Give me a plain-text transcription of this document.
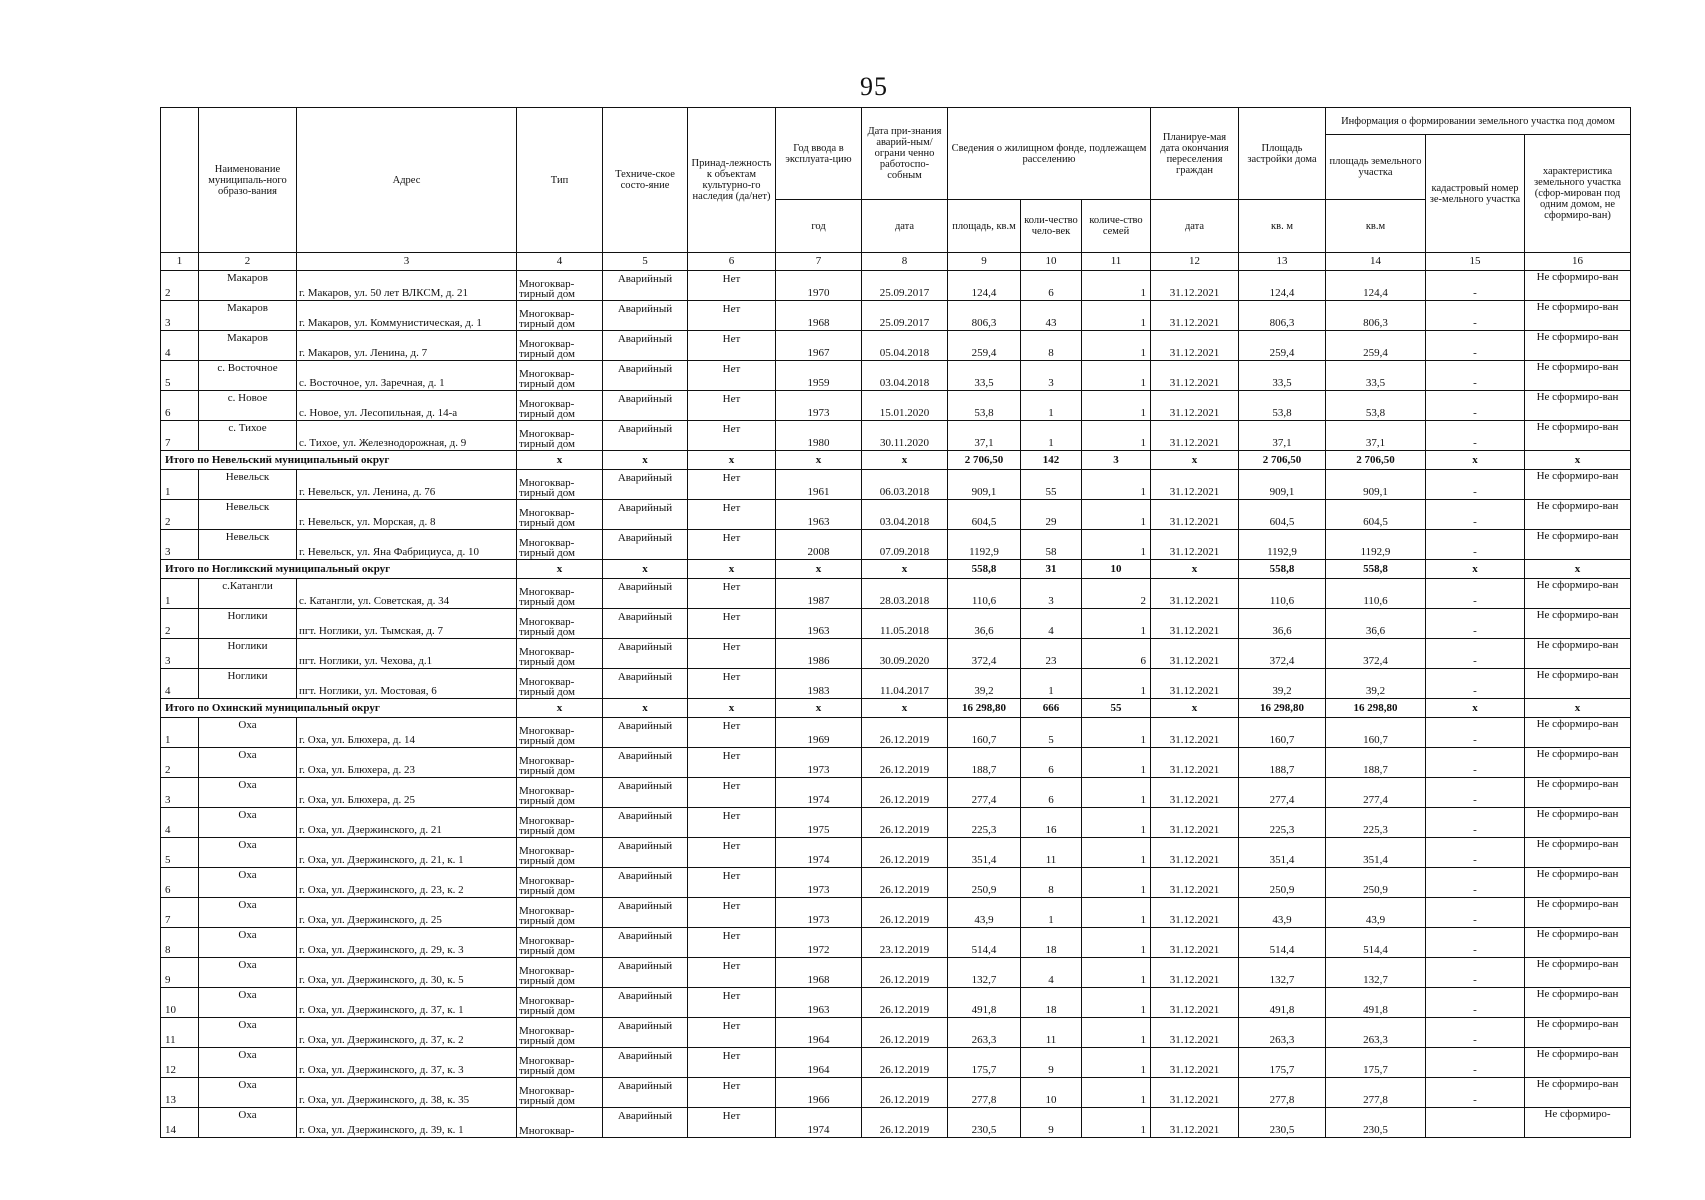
95
	Наименование муниципаль-ного образо-вания	Адрес	Тип	Техниче-ское состо-яние	Принад-лежность к объектам культурно-го наследия (да/нет)	Год ввода в эксплуата-цию	Дата при-знания аварий-ным/ограни ченно работоспо-собным	Сведения о жилищном фонде, подлежащем расселению			Планируе-мая дата окончания переселения граждан	Площадь застройки дома	Информация о формировании земельного участка под домом		
													площадь земельного участка	кадастровый номер зе-мельного участка	характеристика земельного участка (сфор-мирован под одним домом, не сформиро-ван)
						год	дата	площадь, кв.м	коли-чество чело-век	количе-ство семей	дата	кв. м	кв.м		
1	2	3	4	5	6	7	8	9	10	11	12	13	14	15	16
2	Макаров	г. Макаров, ул. 50 лет ВЛКСМ, д. 21	Многоквар-тирный дом	Аварийный	Нет	1970	25.09.2017	124,4	6	1	31.12.2021	124,4	124,4	-	Не сформиро-ван
3	Макаров	г. Макаров, ул. Коммунистическая, д. 1	Многоквар-тирный дом	Аварийный	Нет	1968	25.09.2017	806,3	43	1	31.12.2021	806,3	806,3	-	Не сформиро-ван
4	Макаров	г. Макаров, ул. Ленина, д. 7	Многоквар-тирный дом	Аварийный	Нет	1967	05.04.2018	259,4	8	1	31.12.2021	259,4	259,4	-	Не сформиро-ван
5	с. Восточное	с. Восточное, ул. Заречная, д. 1	Многоквар-тирный дом	Аварийный	Нет	1959	03.04.2018	33,5	3	1	31.12.2021	33,5	33,5	-	Не сформиро-ван
6	с. Новое	с. Новое, ул. Лесопильная, д. 14-а	Многоквар-тирный дом	Аварийный	Нет	1973	15.01.2020	53,8	1	1	31.12.2021	53,8	53,8	-	Не сформиро-ван
7	с. Тихое	с. Тихое, ул. Железнодорожная, д. 9	Многоквар-тирный дом	Аварийный	Нет	1980	30.11.2020	37,1	1	1	31.12.2021	37,1	37,1	-	Не сформиро-ван
Итого по Невельский муниципальный округ			х	х	х	х	х	2 706,50	142	3	х	2 706,50	2 706,50	х	х
1	Невельск	г. Невельск, ул. Ленина, д. 76	Многоквар-тирный дом	Аварийный	Нет	1961	06.03.2018	909,1	55	1	31.12.2021	909,1	909,1	-	Не сформиро-ван
2	Невельск	г. Невельск, ул. Морская, д. 8	Многоквар-тирный дом	Аварийный	Нет	1963	03.04.2018	604,5	29	1	31.12.2021	604,5	604,5	-	Не сформиро-ван
3	Невельск	г. Невельск, ул. Яна Фабрициуса, д. 10	Многоквар-тирный дом	Аварийный	Нет	2008	07.09.2018	1192,9	58	1	31.12.2021	1192,9	1192,9	-	Не сформиро-ван
Итого по Ногликский муниципальный округ			х	х	х	х	х	558,8	31	10	х	558,8	558,8	х	х
1	с.Катангли	с. Катангли, ул. Советская, д. 34	Многоквар-тирный дом	Аварийный	Нет	1987	28.03.2018	110,6	3	2	31.12.2021	110,6	110,6	-	Не сформиро-ван
2	Ноглики	пгт. Ноглики, ул. Тымская, д. 7	Многоквар-тирный дом	Аварийный	Нет	1963	11.05.2018	36,6	4	1	31.12.2021	36,6	36,6	-	Не сформиро-ван
3	Ноглики	пгт. Ноглики, ул. Чехова, д.1	Многоквар-тирный дом	Аварийный	Нет	1986	30.09.2020	372,4	23	6	31.12.2021	372,4	372,4	-	Не сформиро-ван
4	Ноглики	пгт. Ноглики, ул. Мостовая, 6	Многоквар-тирный дом	Аварийный	Нет	1983	11.04.2017	39,2	1	1	31.12.2021	39,2	39,2	-	Не сформиро-ван
Итого по Охинский муниципальный округ			х	х	х	х	х	16 298,80	666	55	х	16 298,80	16 298,80	х	х
1	Оха	г. Оха, ул. Блюхера, д. 14	Многоквар-тирный дом	Аварийный	Нет	1969	26.12.2019	160,7	5	1	31.12.2021	160,7	160,7	-	Не сформиро-ван
2	Оха	г. Оха, ул. Блюхера, д. 23	Многоквар-тирный дом	Аварийный	Нет	1973	26.12.2019	188,7	6	1	31.12.2021	188,7	188,7	-	Не сформиро-ван
3	Оха	г. Оха, ул. Блюхера, д. 25	Многоквар-тирный дом	Аварийный	Нет	1974	26.12.2019	277,4	6	1	31.12.2021	277,4	277,4	-	Не сформиро-ван
4	Оха	г. Оха, ул. Дзержинского, д. 21	Многоквар-тирный дом	Аварийный	Нет	1975	26.12.2019	225,3	16	1	31.12.2021	225,3	225,3	-	Не сформиро-ван
5	Оха	г. Оха, ул. Дзержинского, д. 21, к. 1	Многоквар-тирный дом	Аварийный	Нет	1974	26.12.2019	351,4	11	1	31.12.2021	351,4	351,4	-	Не сформиро-ван
6	Оха	г. Оха, ул. Дзержинского, д. 23, к. 2	Многоквар-тирный дом	Аварийный	Нет	1973	26.12.2019	250,9	8	1	31.12.2021	250,9	250,9	-	Не сформиро-ван
7	Оха	г. Оха, ул. Дзержинского, д. 25	Многоквар-тирный дом	Аварийный	Нет	1973	26.12.2019	43,9	1	1	31.12.2021	43,9	43,9	-	Не сформиро-ван
8	Оха	г. Оха, ул. Дзержинского, д. 29, к. 3	Многоквар-тирный дом	Аварийный	Нет	1972	23.12.2019	514,4	18	1	31.12.2021	514,4	514,4	-	Не сформиро-ван
9	Оха	г. Оха, ул. Дзержинского, д. 30, к. 5	Многоквар-тирный дом	Аварийный	Нет	1968	26.12.2019	132,7	4	1	31.12.2021	132,7	132,7	-	Не сформиро-ван
10	Оха	г. Оха, ул. Дзержинского, д. 37, к. 1	Многоквар-тирный дом	Аварийный	Нет	1963	26.12.2019	491,8	18	1	31.12.2021	491,8	491,8	-	Не сформиро-ван
11	Оха	г. Оха, ул. Дзержинского, д. 37, к. 2	Многоквар-тирный дом	Аварийный	Нет	1964	26.12.2019	263,3	11	1	31.12.2021	263,3	263,3	-	Не сформиро-ван
12	Оха	г. Оха, ул. Дзержинского, д. 37, к. 3	Многоквар-тирный дом	Аварийный	Нет	1964	26.12.2019	175,7	9	1	31.12.2021	175,7	175,7	-	Не сформиро-ван
13	Оха	г. Оха, ул. Дзержинского, д. 38, к. 35	Многоквар-тирный дом	Аварийный	Нет	1966	26.12.2019	277,8	10	1	31.12.2021	277,8	277,8	-	Не сформиро-ван
14	Оха	г. Оха, ул. Дзержинского, д. 39, к. 1	Многоквар-	Аварийный	Нет	1974	26.12.2019	230,5	9	1	31.12.2021	230,5	230,5		Не сформиро-
